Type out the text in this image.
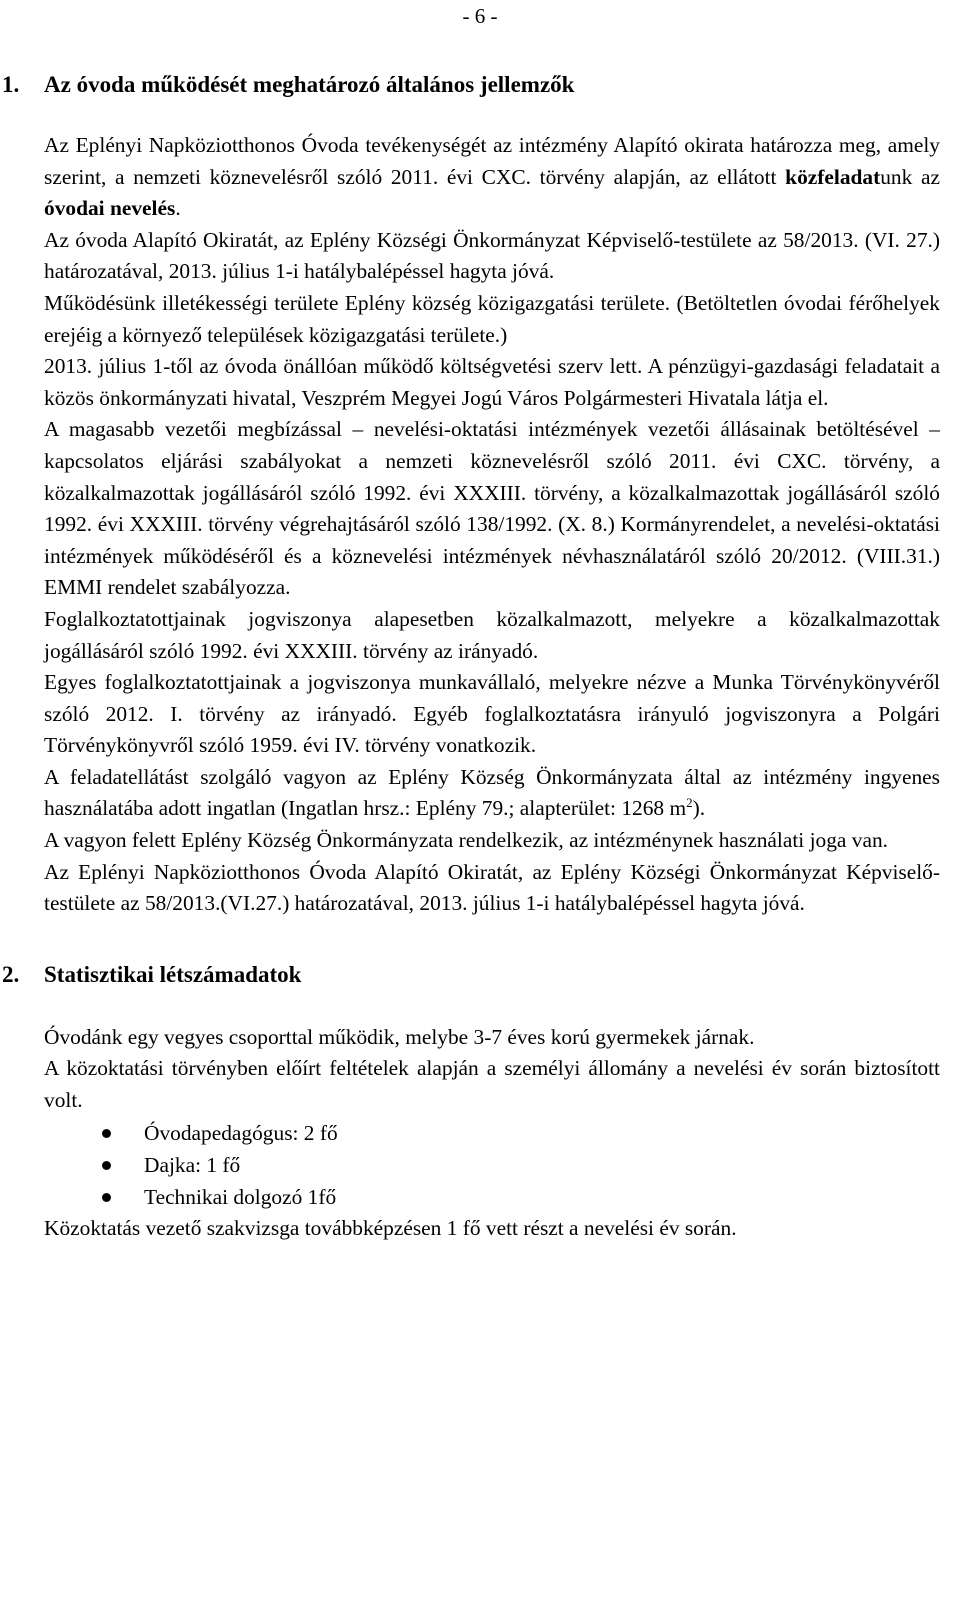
- 6 -
1. Az óvoda működését meghatározó általános jellemzők

Az Eplényi Napköziotthonos Óvoda tevékenységét az intézmény Alapító okirata határozza meg, amely szerint, a nemzeti köznevelésről szóló 2011. évi CXC. törvény alapján, az ellátott közfeladatunk az óvodai nevelés.

Az óvoda Alapító Okiratát, az Eplény Községi Önkormányzat Képviselő-testülete az 58/2013. (VI. 27.) határozatával, 2013. július 1-i hatálybalépéssel hagyta jóvá.

Működésünk illetékességi területe Eplény község közigazgatási területe. (Betöltetlen óvodai férőhelyek erejéig a környező települések közigazgatási területe.)

2013. július 1-től az óvoda önállóan működő költségvetési szerv lett. A pénzügyi-gazdasági feladatait a közös önkormányzati hivatal, Veszprém Megyei Jogú Város Polgármesteri Hivatala látja el.

A magasabb vezetői megbízással – nevelési-oktatási intézmények vezetői állásainak betöltésével – kapcsolatos eljárási szabályokat a nemzeti köznevelésről szóló 2011. évi CXC. törvény, a közalkalmazottak jogállásáról szóló 1992. évi XXXIII. törvény, a közalkalmazottak jogállásáról szóló 1992. évi XXXIII. törvény végrehajtásáról szóló 138/1992. (X. 8.) Kormányrendelet, a nevelési-oktatási intézmények működéséről és a köznevelési intézmények névhasználatáról szóló 20/2012. (VIII.31.) EMMI rendelet szabályozza.

Foglalkoztatottjainak jogviszonya alapesetben közalkalmazott, melyekre a közalkalmazottak jogállásáról szóló 1992. évi XXXIII. törvény az irányadó.

Egyes foglalkoztatottjainak a jogviszonya munkavállaló, melyekre nézve a Munka Törvénykönyvéről szóló 2012. I. törvény az irányadó. Egyéb foglalkoztatásra irányuló jogviszonyra a Polgári Törvénykönyvről szóló 1959. évi IV. törvény vonatkozik.

A feladatellátást szolgáló vagyon az Eplény Község Önkormányzata által az intézmény ingyenes használatába adott ingatlan (Ingatlan hrsz.: Eplény 79.; alapterület: 1268 $m^2$).

A vagyon felett Eplény Község Önkormányzata rendelkezik, az intézménynek használati joga van.

Az Eplényi Napköziotthonos Óvoda Alapító Okiratát, az Eplény Községi Önkormányzat Képviselő-testülete az 58/2013.(VI.27.) határozatával, 2013. július 1-i hatálybalépéssel hagyta jóvá.

2. Statisztikai létszámadatok

Óvodánk egy vegyes csoporttal működik, melybe 3-7 éves korú gyermekek járnak.

A közoktatási törvényben előírt feltételek alapján a személyi állomány a nevelési év során biztosított volt.

Óvodapedagógus: 2 fő
Dajka: 1 fő
Technikai dolgozó 1fő

Közoktatás vezető szakvizsga továbbképzésen 1 fő vett részt a nevelési év során.
